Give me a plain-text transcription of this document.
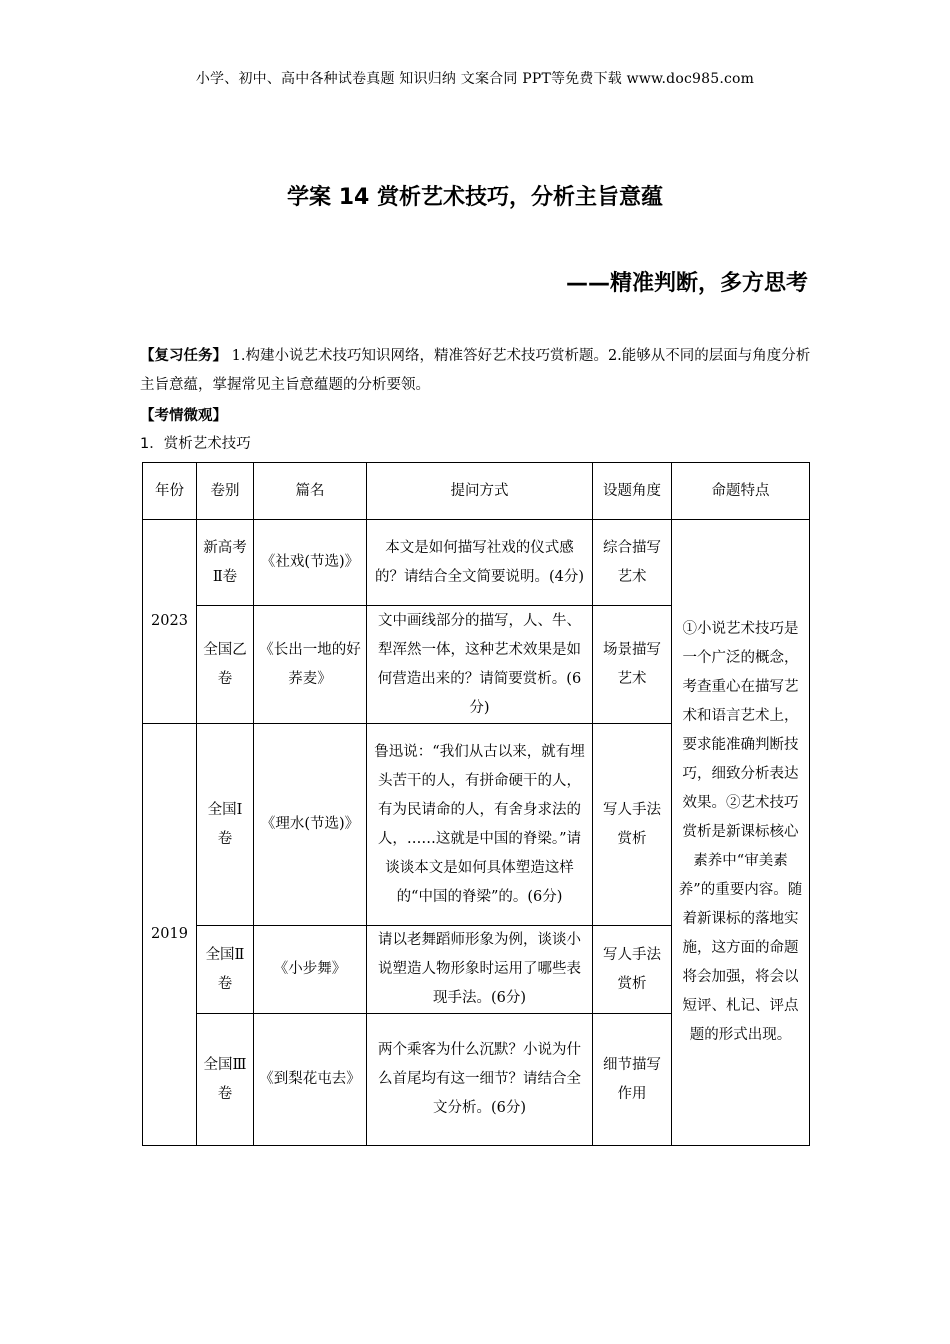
小学、初中、高中各种试卷真题 知识归纳 文案合同 PPT等免费下载 www.doc985.com
学案 14 赏析艺术技巧，分析主旨意蕴
——精准判断，多方思考
【复习任务】 1.构建小说艺术技巧知识网络，精准答好艺术技巧赏析题。2.能够从不同的层面与角度分析主旨意蕴，掌握常见主旨意蕴题的分析要领。
【考情微观】
1．赏析艺术技巧
年份	卷别	篇名	提问方式	设题角度	命题特点
2023	新高考Ⅱ卷	《社戏(节选)》	本文是如何描写社戏的仪式感的？请结合全文简要说明。(4分)	综合描写艺术	①小说艺术技巧是一个广泛的概念，考查重心在描写艺术和语言艺术上，要求能准确判断技巧，细致分析表达效果。②艺术技巧赏析是新课标核心素养中“审美素养”的重要内容。随着新课标的落地实施，这方面的命题将会加强，将会以短评、札记、评点题的形式出现。
	全国乙卷	《长出一地的好荞麦》	文中画线部分的描写，人、牛、犁浑然一体，这种艺术效果是如何营造出来的？请简要赏析。(6分)	场景描写艺术	
2019	全国Ⅰ卷	《理水(节选)》	鲁迅说：“我们从古以来，就有埋头苦干的人，有拼命硬干的人，有为民请命的人，有舍身求法的人，……这就是中国的脊梁。”请谈谈本文是如何具体塑造这样的“中国的脊梁”的。(6分)	写人手法赏析	
	全国Ⅱ卷	《小步舞》	请以老舞蹈师形象为例，谈谈小说塑造人物形象时运用了哪些表现手法。(6分)	写人手法赏析	
	全国Ⅲ卷	《到梨花屯去》	两个乘客为什么沉默？小说为什么首尾均有这一细节？请结合全文分析。(6分)	细节描写作用	
